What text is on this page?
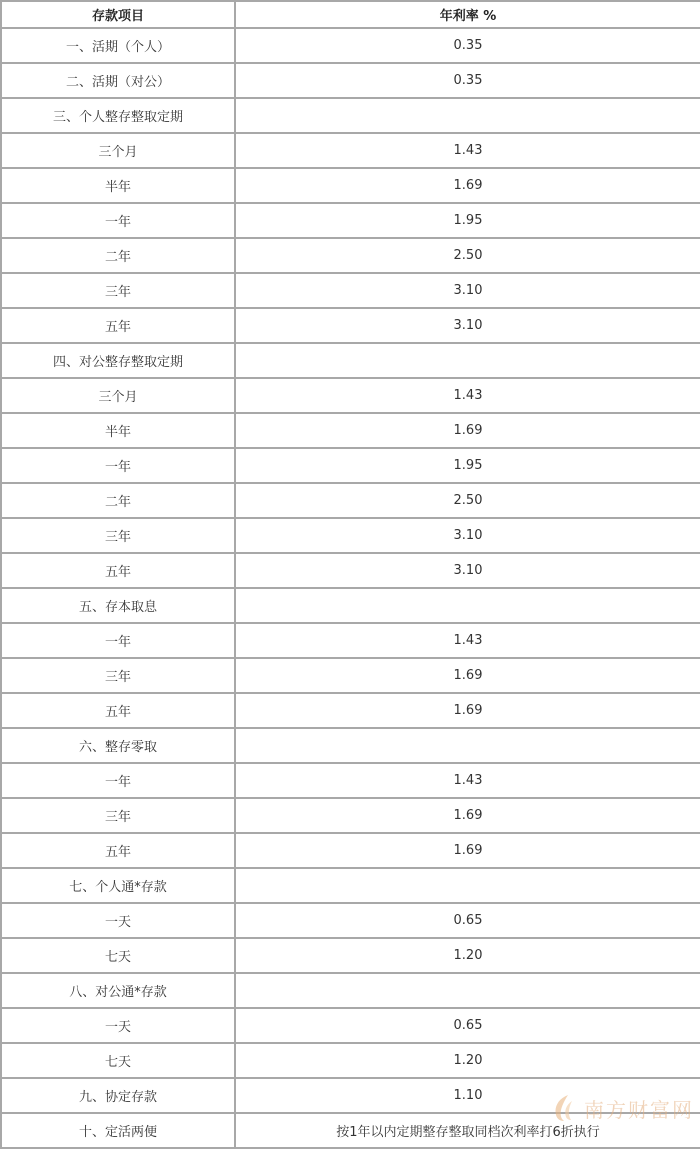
存款项目	年利率 %
一、活期（个人）	0.35
二、活期（对公）	0.35
三、个人整存整取定期	
三个月	1.43
半年	1.69
一年	1.95
二年	2.50
三年	3.10
五年	3.10
四、对公整存整取定期	
三个月	1.43
半年	1.69
一年	1.95
二年	2.50
三年	3.10
五年	3.10
五、存本取息	
一年	1.43
三年	1.69
五年	1.69
六、整存零取	
一年	1.43
三年	1.69
五年	1.69
七、个人通*存款	
一天	0.65
七天	1.20
八、对公通*存款	
一天	0.65
七天	1.20
九、协定存款	1.10
十、定活两便	按1年以内定期整存整取同档次利率打6折执行
南方财富网
